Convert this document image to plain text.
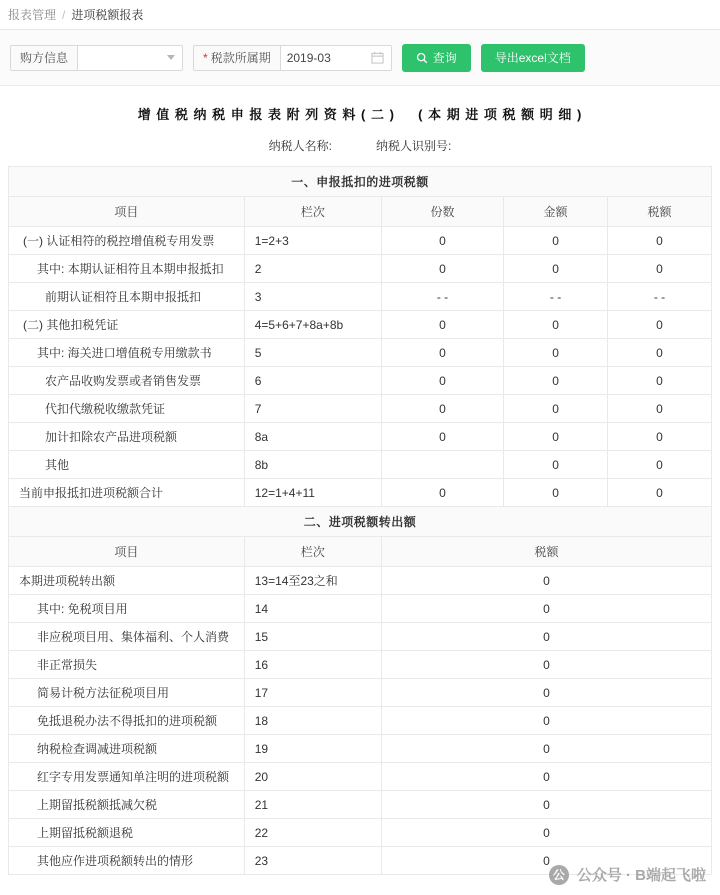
报表管理 / 进项税额报表
购方信息	* 税款所属期	2019-03	查询	导出excel文档
增 值 税 纳 税 申 报 表 附 列 资 料 ( 二 ) 　 ( 本 期 进 项 税 额 明 细 )
纳税人名称:	纳税人识别号:
一、申报抵扣的进项税额				
项目	栏次	份数	金额	税额
(一) 认证相符的税控增值税专用发票	1=2+3	0	0	0
其中: 本期认证相符且本期申报抵扣	2	0	0	0
前期认证相符且本期申报抵扣	3	- -	- -	- -
(二) 其他扣税凭证	4=5+6+7+8a+8b	0	0	0
其中: 海关进口增值税专用缴款书	5	0	0	0
农产品收购发票或者销售发票	6	0	0	0
代扣代缴税收缴款凭证	7	0	0	0
加计扣除农产品进项税额	8a	0	0	0
其他	8b		0	0
当前申报抵扣进项税额合计	12=1+4+11	0	0	0
二、进项税额转出额		
项目	栏次	税额
本期进项税转出额	13=14至23之和	0
其中: 免税项目用	14	0
非应税项目用、集体福利、个人消费	15	0
非正常损失	16	0
简易计税方法征税项目用	17	0
免抵退税办法不得抵扣的进项税额	18	0
纳税检查调减进项税额	19	0
红字专用发票通知单注明的进项税额	20	0
上期留抵税额抵减欠税	21	0
上期留抵税额退税	22	0
其他应作进项税额转出的情形	23	0
公 公众号 · B端起飞啦
